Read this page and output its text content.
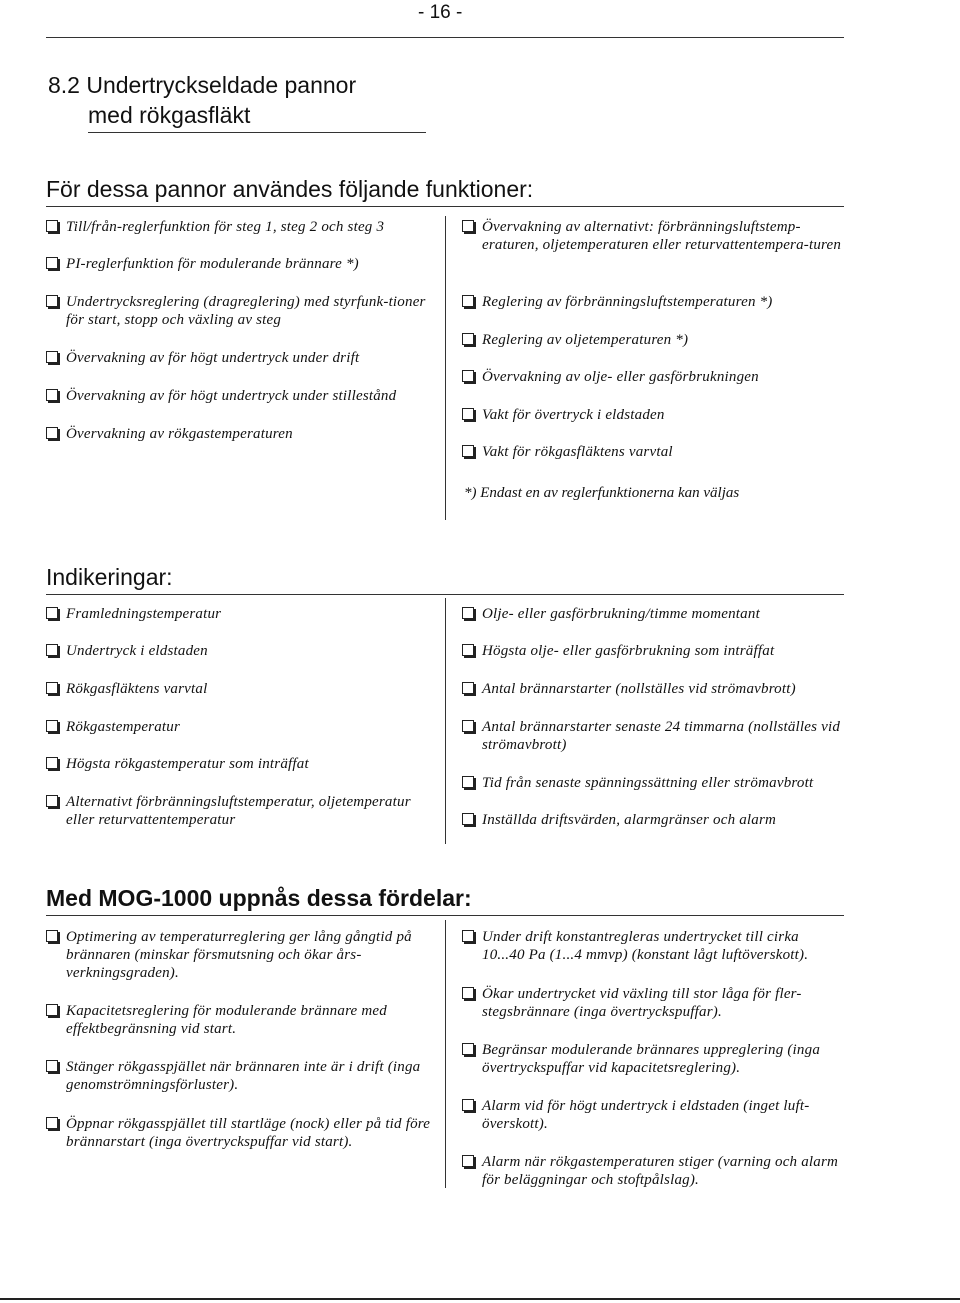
- 16 -
8.2 Undertryckseldade pannor
med rökgasfläkt
För dessa pannor användes följande funktioner:
Till/från-reglerfunktion för steg 1, steg 2 och steg 3
PI-reglerfunktion för modulerande brännare *)
Undertrycksreglering (dragreglering) med styrfunk-tioner för start, stopp och växling av steg
Övervakning av för högt undertryck under drift
Övervakning av för högt undertryck under stillestånd
Övervakning av rökgastemperaturen
Övervakning av alternativt: förbränningsluftstemp-eraturen, oljetemperaturen eller returvattentempera-turen
Reglering av förbränningsluftstemperaturen *)
Reglering av oljetemperaturen *)
Övervakning av olje- eller gasförbrukningen
Vakt för övertryck i eldstaden
Vakt för rökgasfläktens varvtal
*) Endast en av reglerfunktionerna kan väljas
Indikeringar:
Framledningstemperatur
Undertryck i eldstaden
Rökgasfläktens varvtal
Rökgastemperatur
Högsta rökgastemperatur som inträffat
Alternativt förbränningsluftstemperatur, oljetemperatur eller returvattentemperatur
Olje- eller gasförbrukning/timme momentant
Högsta olje- eller gasförbrukning som inträffat
Antal brännarstarter (nollställes vid strömavbrott)
Antal brännarstarter senaste 24 timmarna (nollställes vid strömavbrott)
Tid från senaste spänningssättning eller strömavbrott
Inställda driftsvärden, alarmgränser och alarm
Med MOG-1000 uppnås dessa fördelar:
Optimering av temperaturreglering ger lång gångtid på brännaren (minskar försmutsning och ökar års-verkningsgraden).
Kapacitetsreglering för modulerande brännare med effektbegränsning vid start.
Stänger rökgasspjället när brännaren inte är i drift (inga genomströmningsförluster).
Öppnar rökgasspjället till startläge (nock) eller på tid före brännarstart (inga övertryckspuffar vid start).
Under drift konstantregleras undertrycket till cirka 10...40 Pa (1...4 mmvp) (konstant lågt luftöverskott).
Ökar undertrycket vid växling till stor låga för fler-stegsbrännare (inga övertryckspuffar).
Begränsar modulerande brännares uppreglering (inga övertryckspuffar vid kapacitetsreglering).
Alarm vid för högt undertryck i eldstaden (inget luft-överskott).
Alarm när rökgastemperaturen stiger (varning och alarm för beläggningar och stoftpålslag).
